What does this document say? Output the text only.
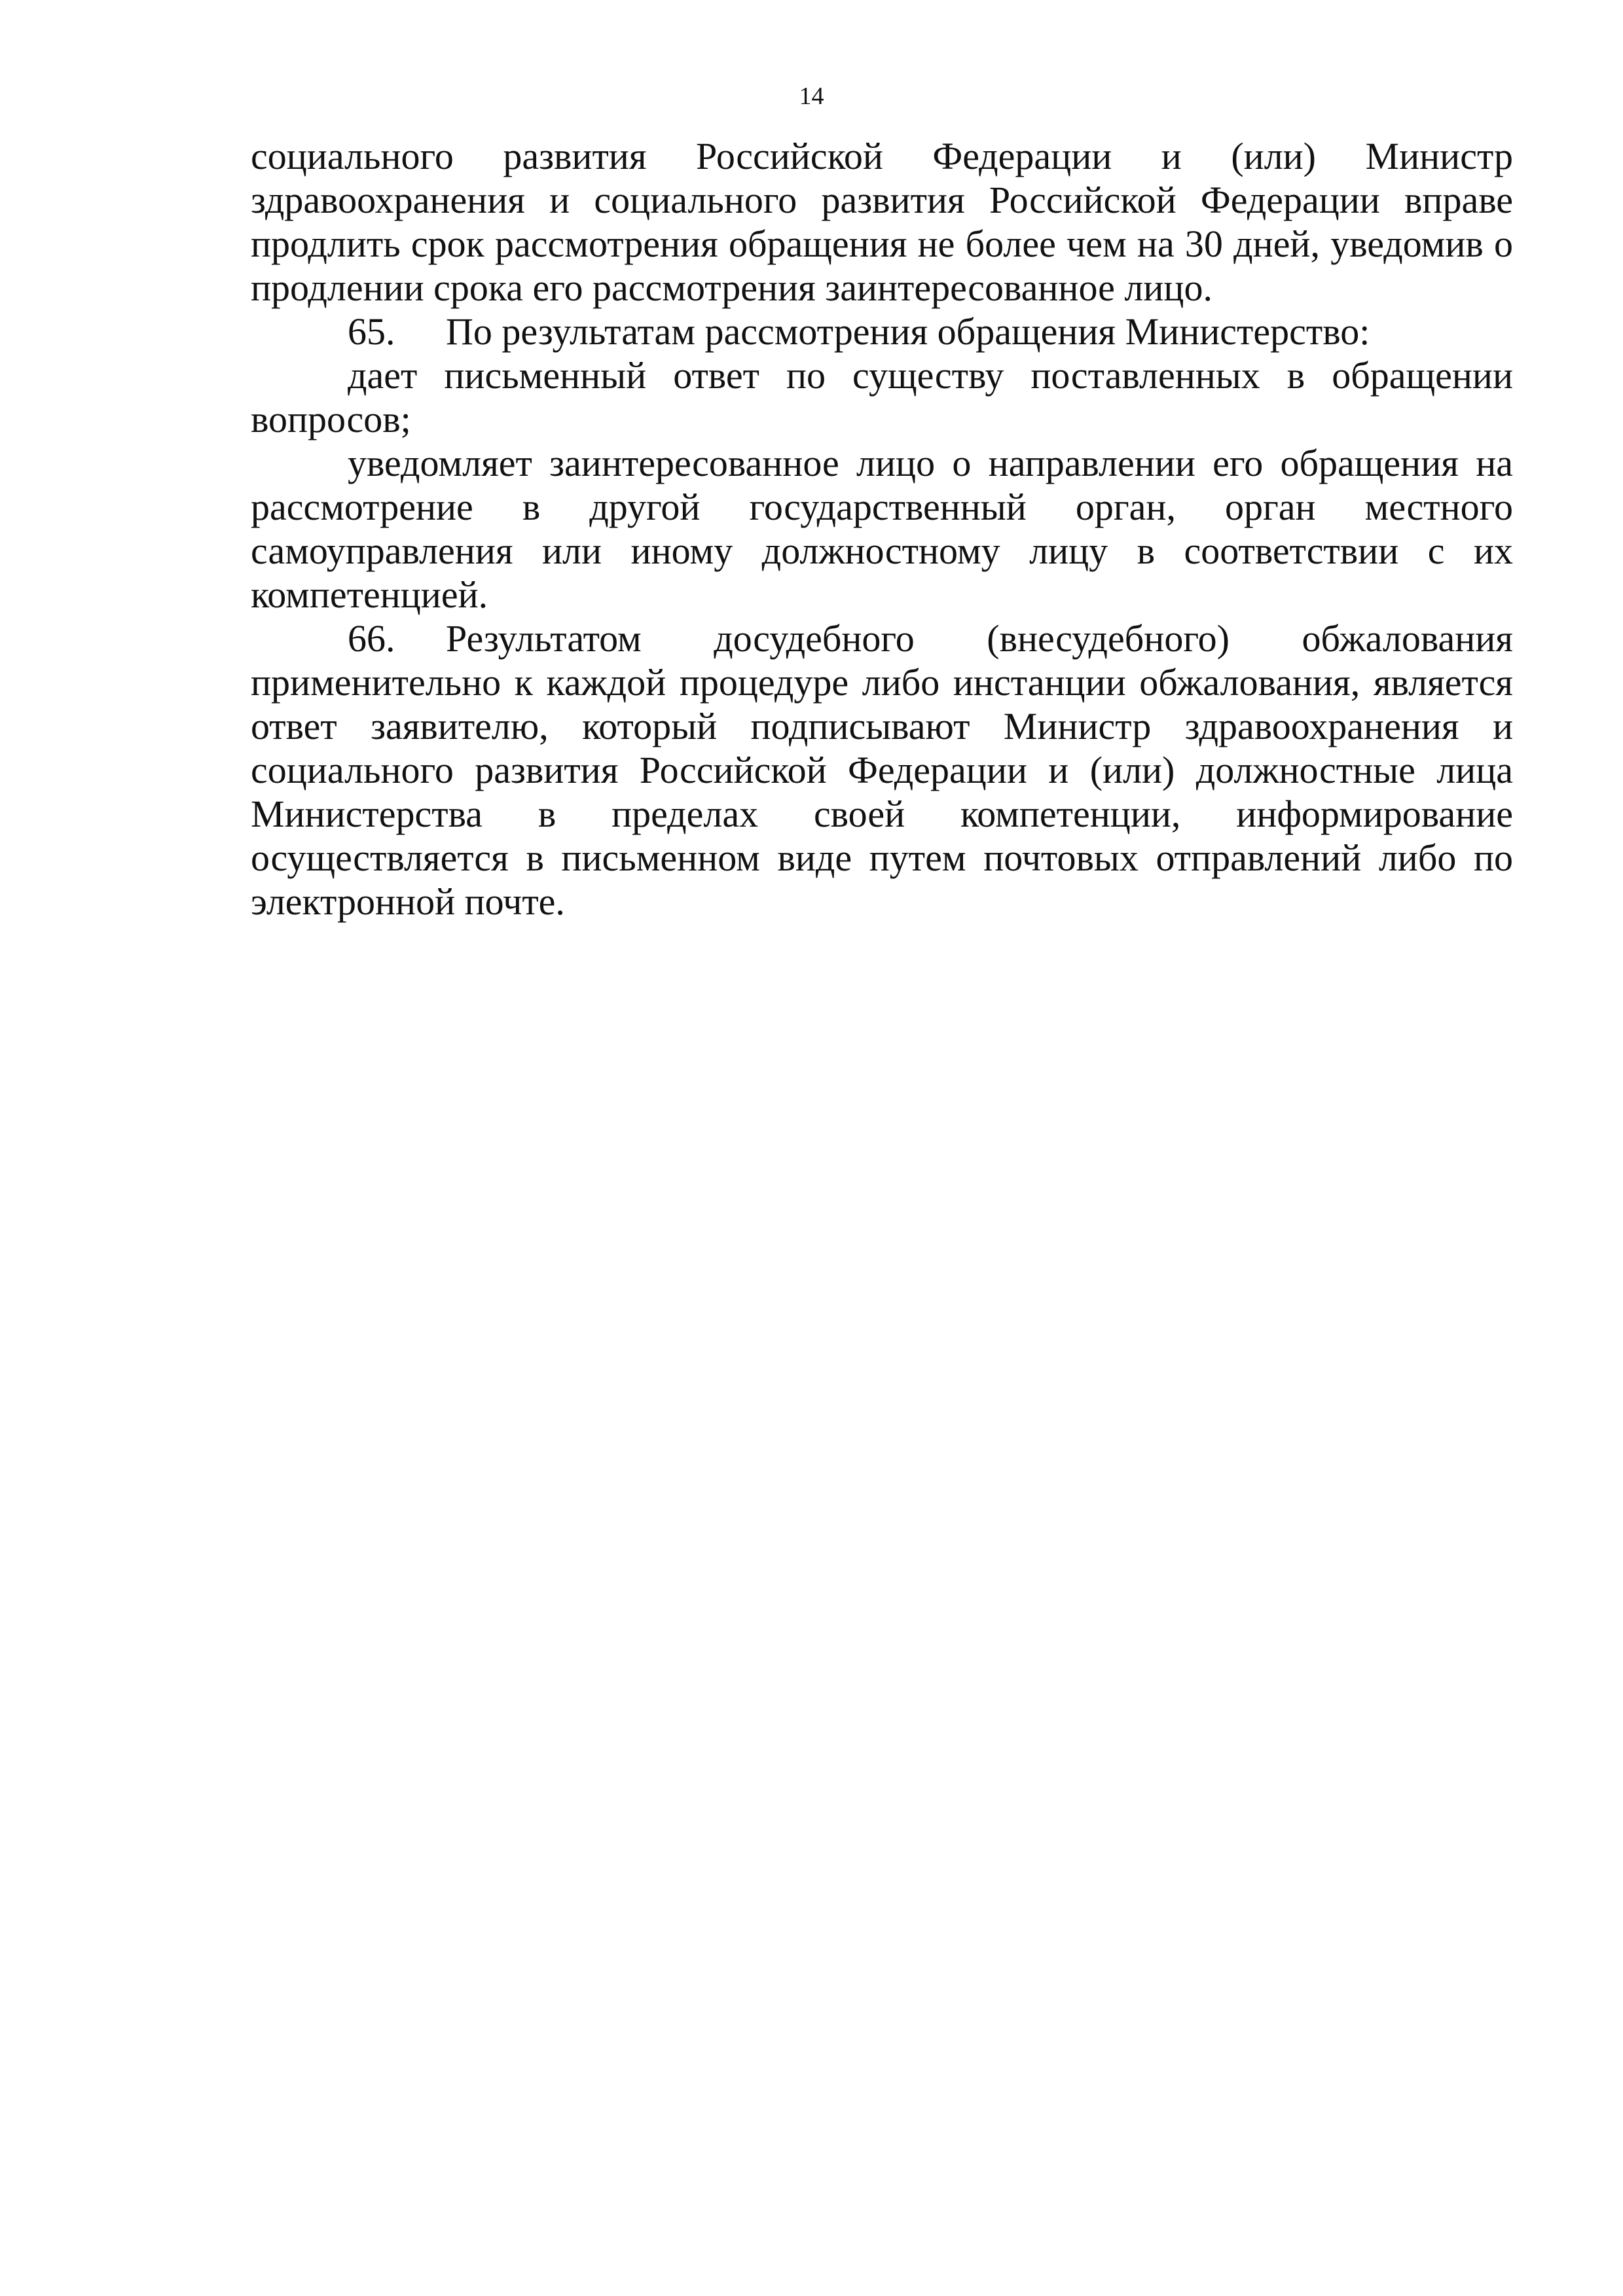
14

социального развития Российской Федерации и (или) Министр здравоохранения и социального развития Российской Федерации вправе продлить срок рассмотрения обращения не более чем на 30 дней, уведомив о продлении срока его рассмотрения заинтересованное лицо.

65. По результатам рассмотрения обращения Министерство:

дает письменный ответ по существу поставленных в обращении вопросов;

уведомляет заинтересованное лицо о направлении его обращения на рассмотрение в другой государственный орган, орган местного самоуправления или иному должностному лицу в соответствии с их компетенцией.

66. Результатом досудебного (внесудебного) обжалования применительно к каждой процедуре либо инстанции обжалования, является ответ заявителю, который подписывают Министр здравоохранения и социального развития Российской Федерации и (или) должностные лица Министерства в пределах своей компетенции, информирование осуществляется в письменном виде путем почтовых отправлений либо по электронной почте.
